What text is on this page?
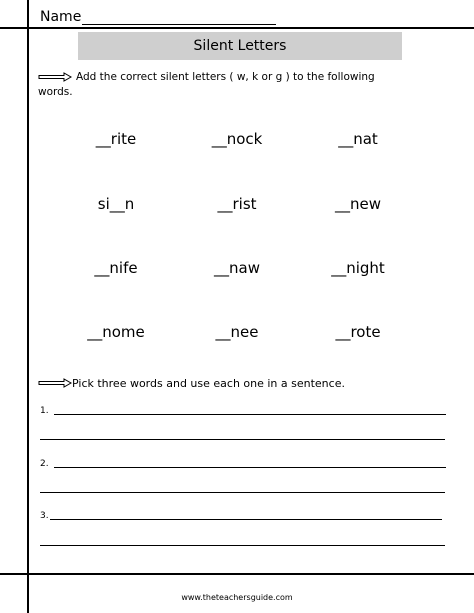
Name
Silent Letters
Add the correct silent letters ( w, k or g ) to the following
words.
__rite	__nock	__nat
si__n	__rist	__new
__nife	__naw	__night
__nome	__nee	__rote
Pick three words and use each one in a sentence.
1.
2.
3.
www.theteachersguide.com
